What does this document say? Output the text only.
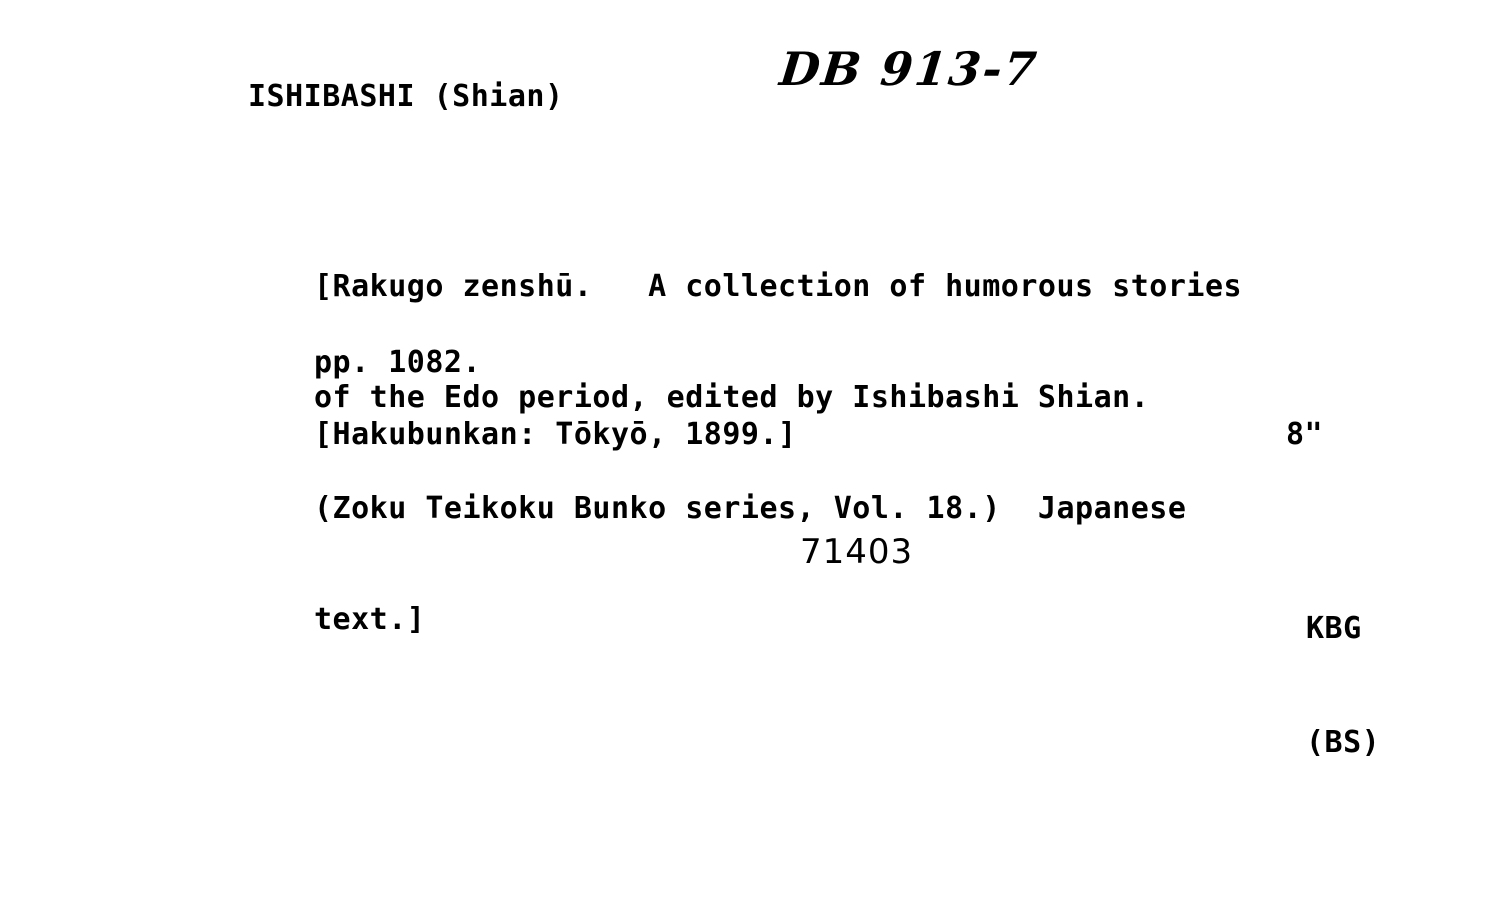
ISHIBASHI (Shian)
DB 913-7

[Rakugo zenshū.   A collection of humorous stories

of the Edo period, edited by Ishibashi Shian.

(Zoku Teikoku Bunko series, Vol. 18.)  Japanese

text.]

pp. 1082.
[Hakubunkan: Tōkyō, 1899.]	8"
71403

KBG

(BS)
